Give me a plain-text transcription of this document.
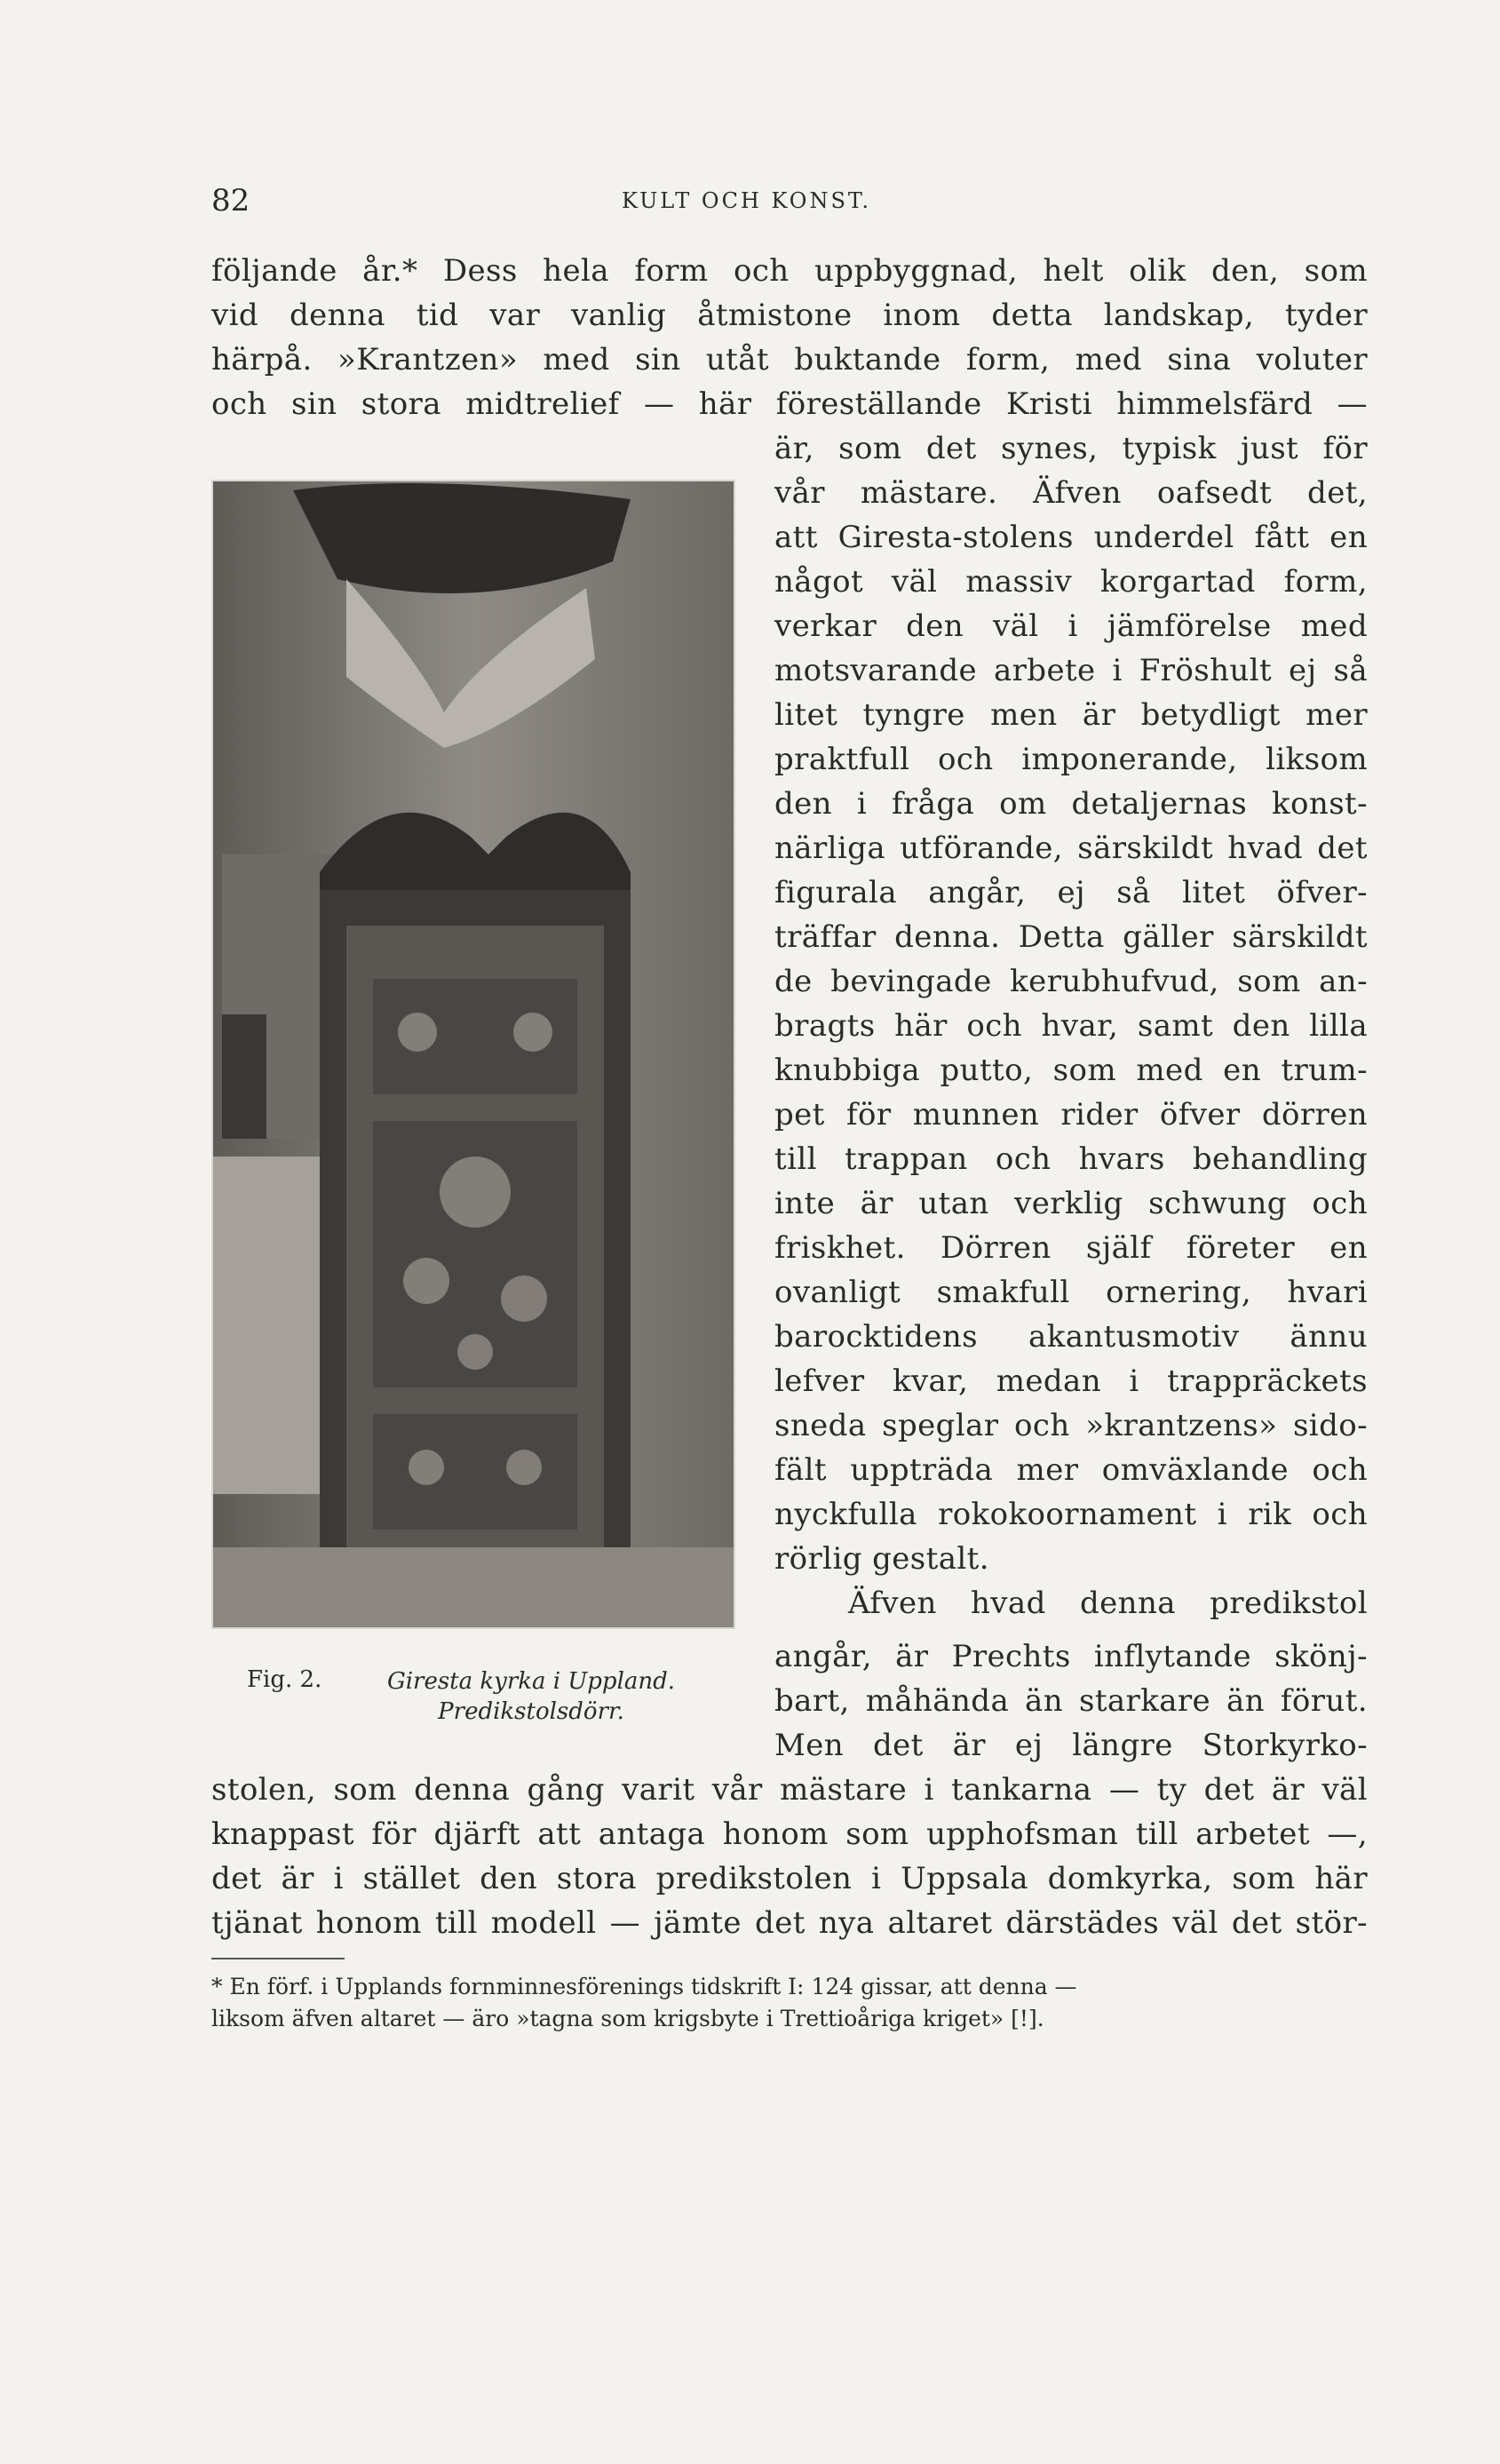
82	KULT OCH KONST.
följande år.* Dess hela form och uppbyggnad, helt olik den, som
vid denna tid var vanlig åtmistone inom detta landskap, tyder
härpå. »Krantzen» med sin utåt buktande form, med sina voluter
och sin stora midtrelief — här föreställande Kristi himmelsfärd —
är, som det synes, typisk just för
vår mästare. Äfven oafsedt det,
att Giresta-stolens underdel fått en
något väl massiv korgartad form,
verkar den väl i jämförelse med
motsvarande arbete i Fröshult ej så
litet tyngre men är betydligt mer
praktfull och imponerande, liksom
den i fråga om detaljernas konst-
närliga utförande, särskildt hvad det
figurala angår, ej så litet öfver-
träffar denna. Detta gäller särskildt
de bevingade kerubhufvud, som an-
bragts här och hvar, samt den lilla
knubbiga putto, som med en trum-
pet för munnen rider öfver dörren
till trappan och hvars behandling
inte är utan verklig schwung och
friskhet. Dörren själf företer en
ovanligt smakfull ornering, hvari
barocktidens akantusmotiv ännu
lefver kvar, medan i trappräckets
sneda speglar och »krantzens» sido-
fält uppträda mer omväxlande och
nyckfulla rokokoornament i rik och
rörlig gestalt.
Äfven hvad denna predikstol
angår, är Prechts inflytande skönj-
bart, måhända än starkare än förut.
Men det är ej längre Storkyrko-
stolen, som denna gång varit vår mästare i tankarna — ty det är väl
knappast för djärft att antaga honom som upphofsman till arbetet —,
det är i stället den stora predikstolen i Uppsala domkyrka, som här
tjänat honom till modell — jämte det nya altaret därstädes väl det stör-
Fig. 2.	Giresta kyrka i Uppland.
Predikstolsdörr.
* En förf. i Upplands fornminnesförenings tidskrift I: 124 gissar, att denna —
liksom äfven altaret — äro »tagna som krigsbyte i Trettioåriga kriget» [!].
